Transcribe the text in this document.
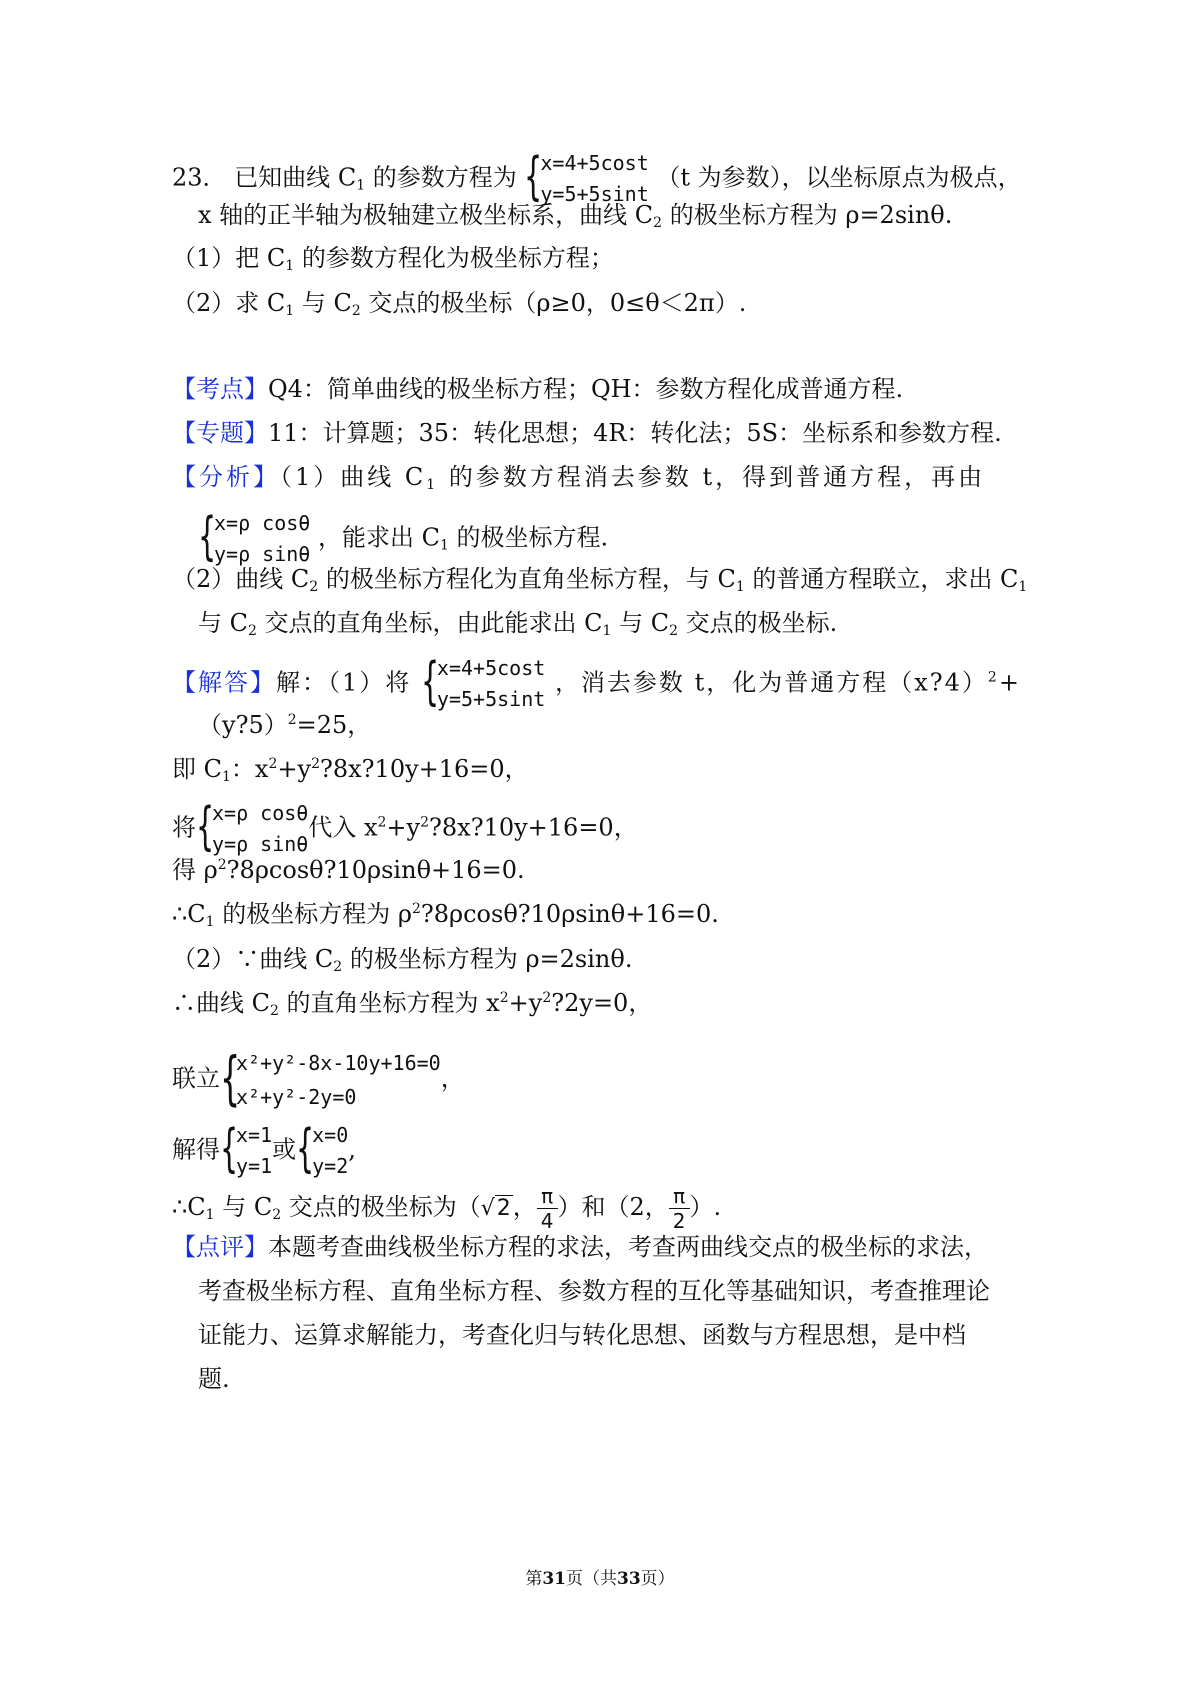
23． 已知曲线 $C_1$ 的参数方程为 {
x=4+5cost
y=5+5sint
（t 为参数），以坐标原点为极点，
x 轴的正半轴为极轴建立极坐标系，曲线 $C_2$ 的极坐标方程为 ρ=2sinθ.
（1）把 $C_1$ 的参数方程化为极坐标方程；
（2）求 $C_1$ 与 $C_2$ 交点的极坐标（ρ≥0，0≤θ＜2π）.
【考点】Q4：简单曲线的极坐标方程；QH：参数方程化成普通方程.
【专题】11：计算题；35：转化思想；4R：转化法；5S：坐标系和参数方程.
【分析】（1）曲线 $C_1$ 的参数方程消去参数 t，得到普通方程，再由
{
x=ρ cosθ
y=ρ sinθ
，能求出 $C_1$ 的极坐标方程.
（2）曲线 $C_2$ 的极坐标方程化为直角坐标方程，与 $C_1$ 的普通方程联立，求出 $C_1$
与 $C_2$ 交点的直角坐标，由此能求出 $C_1$ 与 $C_2$ 交点的极坐标.
【解答】解：（1）将 {
x=4+5cost
y=5+5sint
，消去参数 t，化为普通方程（x?4）$^2$+
（y?5）$^2$=25，
即 $C_1$：$x^2+y^2?8x?10y+16=0$，
将 {
x=ρ cosθ
y=ρ sinθ
代入 $x^2+y^2?8x?10y+16=0$，
得 $\rho^2?8\rho\cos\theta?10\rho\sin\theta+16=0$.
$\therefore C_1$ 的极坐标方程为 $\rho^2?8\rho\cos\theta?10\rho\sin\theta+16=0$.
（2）∵曲线 $C_2$ 的极坐标方程为 ρ=2sinθ.
∴曲线 $C_2$ 的直角坐标方程为 $x^2+y^2?2y=0$，
联立 {
x²+y²-8x-10y+16=0
x²+y²-2y=0
，
解得 {
x=1
y=1
或 {
x=0
y=2
,
$\therefore C_1$ 与 $C_2$ 交点的极坐标为（√2， $\frac{\pi}{4}$ ）和（2， $\frac{\pi}{2}$ ）.
【点评】本题考查曲线极坐标方程的求法，考查两曲线交点的极坐标的求法，
考查极坐标方程、直角坐标方程、参数方程的互化等基础知识，考查推理论
证能力、运算求解能力，考查化归与转化思想、函数与方程思想，是中档
题.
第31页（共33页）
